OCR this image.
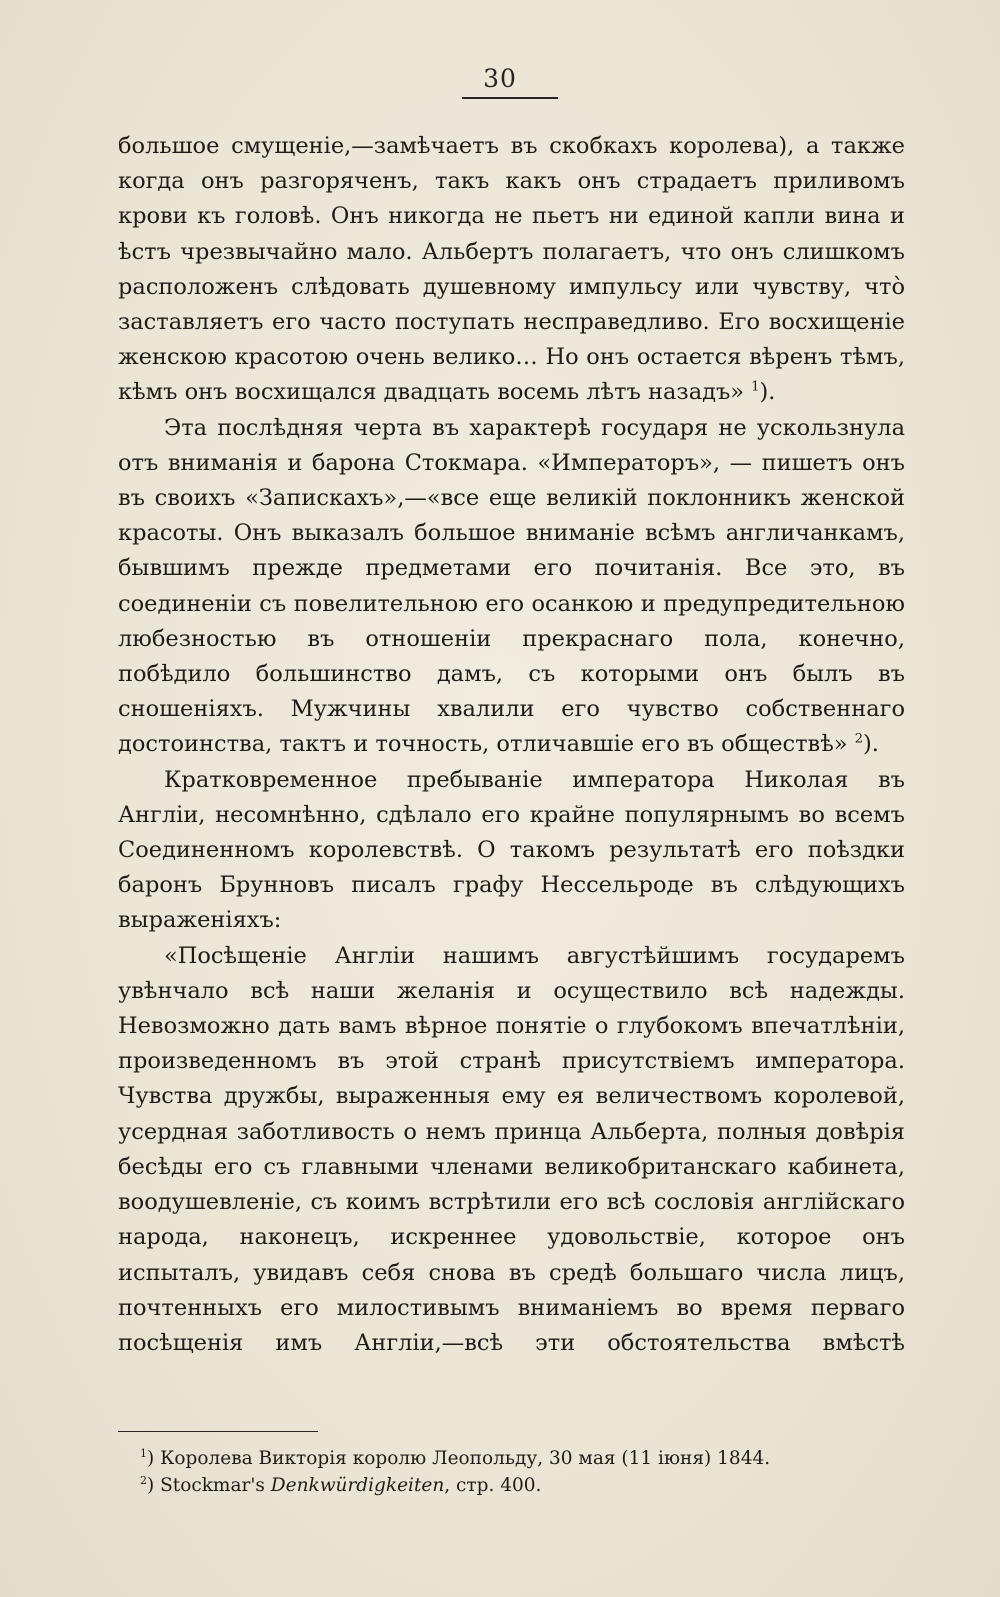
30

большое смущеніе,—замѣчаетъ въ скобкахъ королева), а также когда онъ разгоряченъ, такъ какъ онъ страдаетъ приливомъ крови къ головѣ. Онъ никогда не пьетъ ни единой капли вина и ѣстъ чрезвычайно мало. Альбертъ полагаетъ, что онъ слишкомъ расположенъ слѣдовать душевному импульсу или чувству, что̀ заставляетъ его часто поступать несправедливо. Его восхищеніе женскою красотою очень велико… Но онъ остается вѣренъ тѣмъ, кѣмъ онъ восхищался двадцать восемь лѣтъ назадъ» $^1$).

Эта послѣдняя черта въ характерѣ государя не ускользнула отъ вниманія и барона Стокмара. «Императоръ», — пишетъ онъ въ своихъ «Запискахъ»,—«все еще великій поклонникъ женской красоты. Онъ выказалъ большое вниманіе всѣмъ англичанкамъ, бывшимъ прежде предметами его почитанія. Все это, въ соединеніи съ повелительною его осанкою и предупредительною любезностью въ отношеніи прекраснаго пола, конечно, побѣдило большинство дамъ, съ которыми онъ былъ въ сношеніяхъ. Мужчины хвалили его чувство собственнаго достоинства, тактъ и точность, отличавшіе его въ обществѣ» $^2$).

Кратковременное пребываніе императора Николая въ Англіи, несомнѣнно, сдѣлало его крайне популярнымъ во всемъ Соединенномъ королевствѣ. О такомъ результатѣ его поѣздки баронъ Брунновъ писалъ графу Нессельроде въ слѣдующихъ выраженіяхъ:

«Посѣщеніе Англіи нашимъ августѣйшимъ государемъ увѣнчало всѣ наши желанія и осуществило всѣ надежды. Невозможно дать вамъ вѣрное понятіе о глубокомъ впечатлѣніи, произведенномъ въ этой странѣ присутствіемъ императора. Чувства дружбы, выраженныя ему ея величествомъ королевой, усердная заботливость о немъ принца Альберта, полныя довѣрія бесѣды его съ главными членами великобританскаго кабинета, воодушевленіе, съ коимъ встрѣтили его всѣ сословія англійскаго народа, наконецъ, искреннее удовольствіе, которое онъ испыталъ, увидавъ себя снова въ средѣ большаго числа лицъ, почтенныхъ его милостивымъ вниманіемъ во время перваго посѣщенія имъ Англіи,—всѣ эти обстоятельства вмѣстѣ

$^1$) Королева Викторія королю Леопольду, 30 мая (11 іюня) 1844.
$^2$) Stockmar's Denkwürdigkeiten, стр. 400.
